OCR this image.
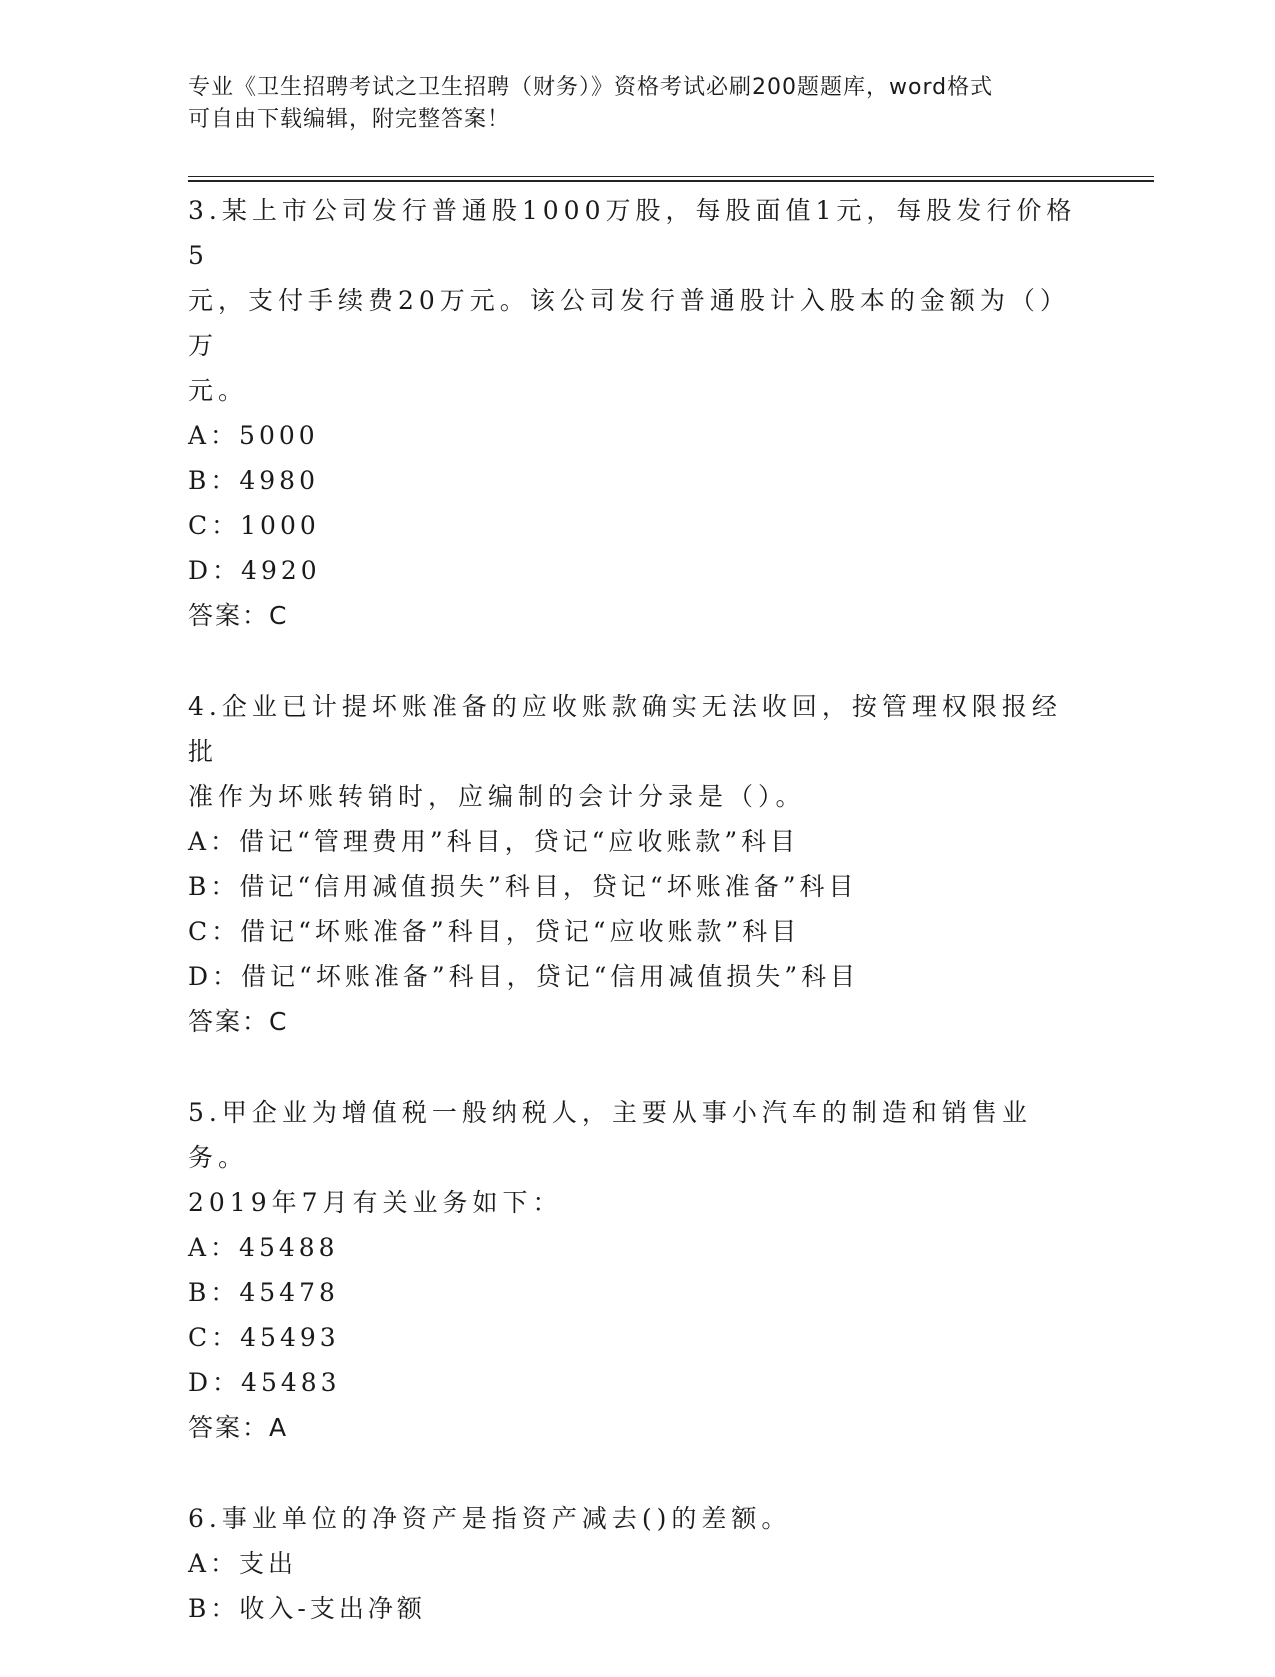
专业《卫生招聘考试之卫生招聘（财务）》资格考试必刷200题题库，word格式
可自由下载编辑，附完整答案！

3.某上市公司发行普通股1000万股，每股面值1元，每股发行价格5

元，支付手续费20万元。该公司发行普通股计入股本的金额为（）万

元。

A：5000

B：4980

C：1000

D：4920

答案：C

4.企业已计提坏账准备的应收账款确实无法收回，按管理权限报经批

准作为坏账转销时，应编制的会计分录是（）。

A：借记“管理费用”科目，贷记“应收账款”科目

B：借记“信用减值损失”科目，贷记“坏账准备”科目

C：借记“坏账准备”科目，贷记“应收账款”科目

D：借记“坏账准备”科目，贷记“信用减值损失”科目

答案：C

5.甲企业为增值税一般纳税人，主要从事小汽车的制造和销售业务。

2019年7月有关业务如下：

A：45488

B：45478

C：45493

D：45483

答案：A

6.事业单位的净资产是指资产减去()的差额。

A：支出

B：收入-支出净额
